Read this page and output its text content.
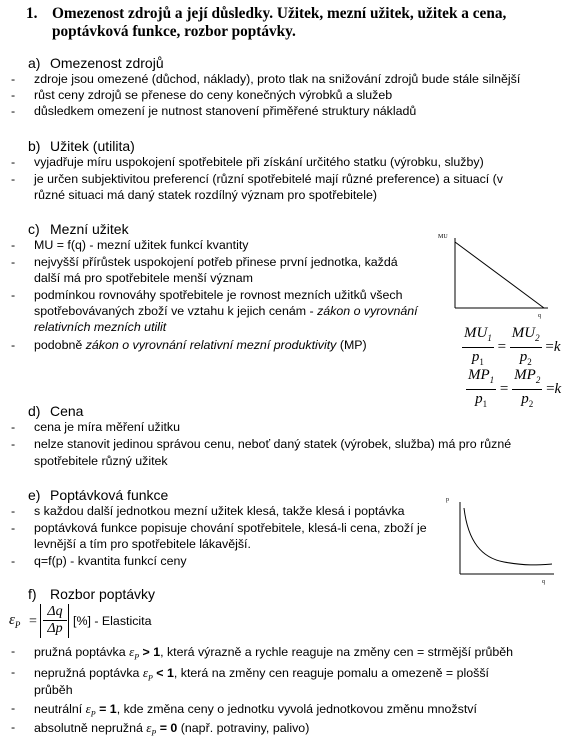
1. Omezenost zdrojů a její důsledky. Užitek, mezní užitek, užitek a cena,
poptávková funkce, rozbor poptávky.
a) Omezenost zdrojů
- zdroje jsou omezené (důchod, náklady), proto tlak na snižování zdrojů bude stále silnější
- růst ceny zdrojů se přenese do ceny konečných výrobků a služeb
- důsledkem omezení je nutnost stanovení přiměřené struktury nákladů
b) Užitek (utilita)
- vyjadřuje míru uspokojení spotřebitele při získání určitého statku (výrobku, služby)
- je určen subjektivitou preferencí (různí spotřebitelé mají různé preference) a situací (v
různé situaci má daný statek rozdílný význam pro spotřebitele)
c) Mezní užitek
- MU = f(q) - mezní užitek funkcí kvantity
- nejvyšší přírůstek uspokojení potřeb přinese první jednotka, každá
další má pro spotřebitele menší význam
- podmínkou rovnováhy spotřebitele je rovnost mezních užitků všech
spotřebovávaných zboží ve vztahu k jejich cenám - zákon o vyrovnání
relativních mezních utilit
- podobně zákon o vyrovnání relativní mezní produktivity (MP)
MU
q
$\frac{MU_1}{p_1} = \frac{MU_2}{p_2} =k$
$\frac{MP_1}{p_1} = \frac{MP_2}{p_2} =k$
d) Cena
- cena je míra měření užitku
- nelze stanovit jedinou správou cenu, neboť daný statek (výrobek, služba) má pro různé
spotřebitele různý užitek
e) Poptávková funkce
- s každou další jednotkou mezní užitek klesá, takže klesá i poptávka
- poptávková funkce popisuje chování spotřebitele, klesá-li cena, zboží je
levnější a tím pro spotřebitele lákavější.
- q=f(p) - kvantita funkcí ceny
p
q
f) Rozbor poptávky
$\varepsilon_P$ =
Δq
Δp [%] - Elasticita
- pružná poptávka $\varepsilon_P > 1$, která výrazně a rychle reaguje na změny cen = strmější průběh
- nepružná poptávka $\varepsilon_P < 1$, která na změny cen reaguje pomalu a omezeně = plošší
průběh
- neutrální $\varepsilon_P = 1$, kde změna ceny o jednotku vyvolá jednotkovou změnu množství
- absolutně nepružná $\varepsilon_P = 0$ (např. potraviny, palivo)
